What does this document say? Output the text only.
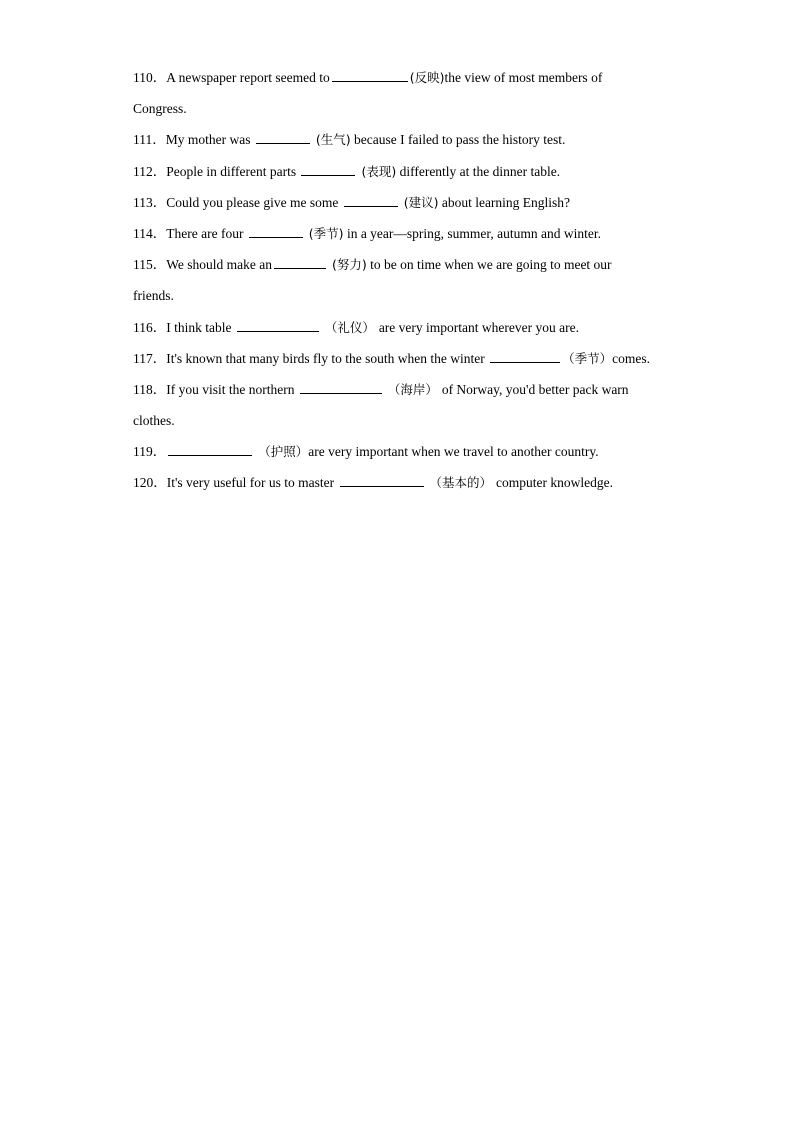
110．A newspaper report seemed to	(反映)the view of most members of
Congress.
111．My mother was	(生气) because I failed to pass the history test.
112．People in different parts	(表现) differently at the dinner table.
113．Could you please give me some	(建议) about learning English?
114．There are four	(季节) in a year—spring, summer, autumn and winter.
115．We should make an	(努力) to be on time when we are going to meet our
friends.
116．I think table	（礼仪） are very important wherever you are.
117．It's known that many birds fly to the south when the winter	（季节）comes.
118．If you visit the northern	（海岸） of Norway, you'd better pack warn
clothes.
119．	（护照）are very important when we travel to another country.
120．It's very useful for us to master	（基本的） computer knowledge.
